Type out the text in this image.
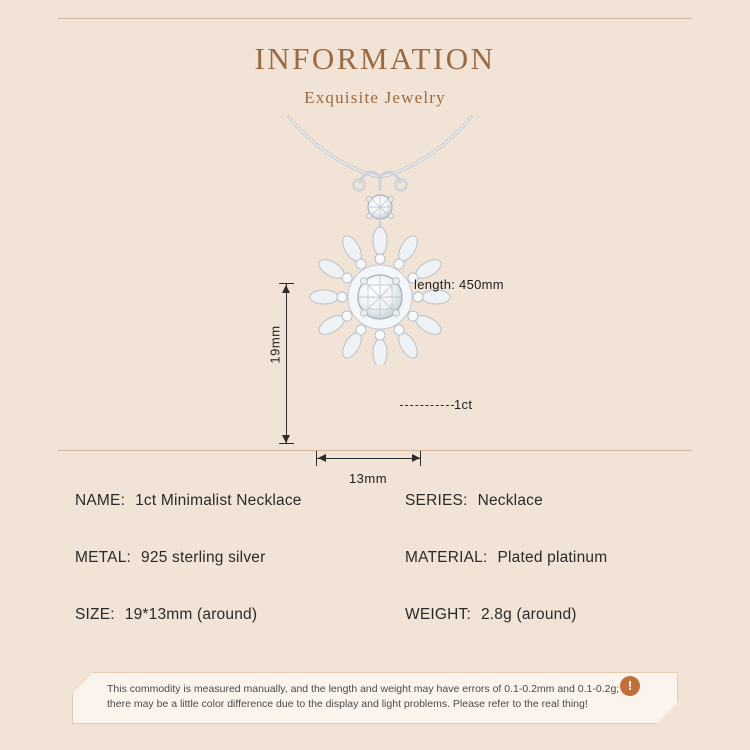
INFORMATION
Exquisite Jewelry
19mm
13mm
length: 450mm
1ct
NAME: 1ct Minimalist Necklace	SERIES: Necklace
METAL: 925 sterling silver	MATERIAL: Plated platinum
SIZE: 19*13mm (around)	WEIGHT: 2.8g (around)
This commodity is measured manually, and the length and weight may have errors of 0.1-0.2mm and 0.1-0.2g;
there may be a little color difference due to the display and light problems. Please refer to the real thing!
!
